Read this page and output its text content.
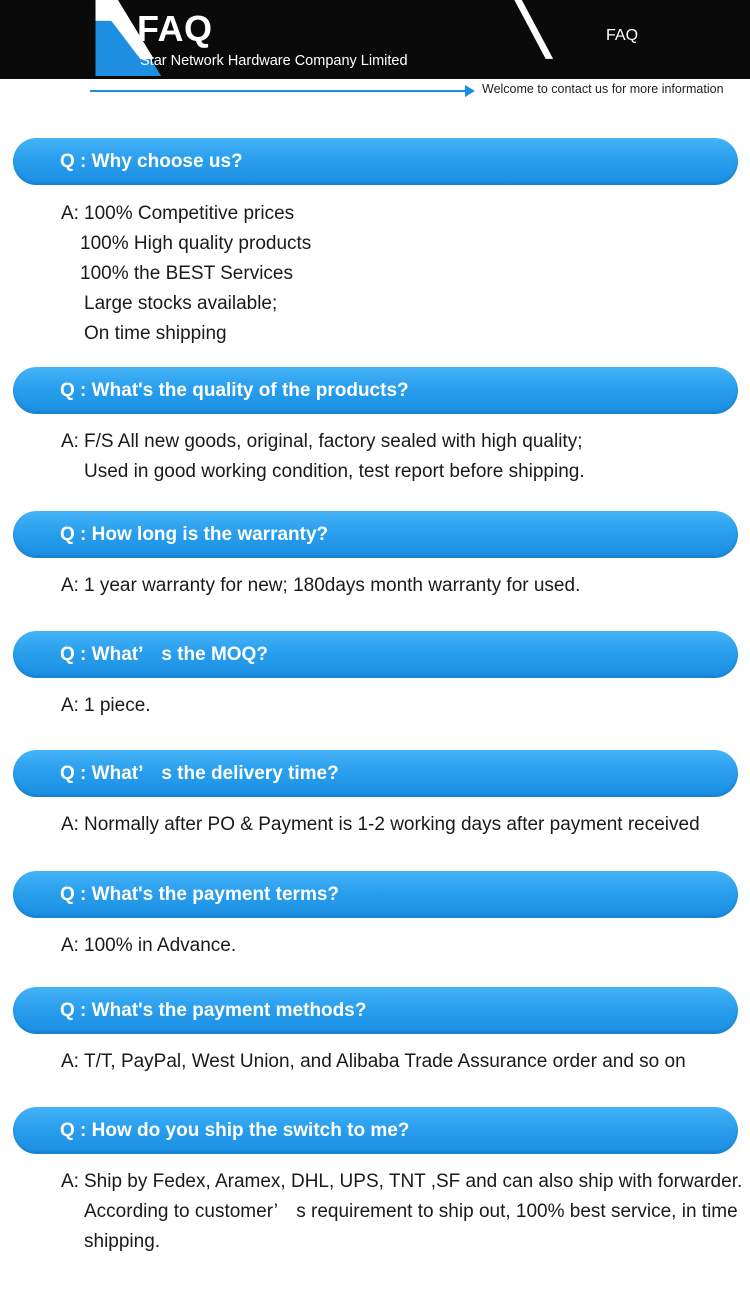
FAQ
Star Network Hardware Company Limited
FAQ
Welcome to contact us for more information
Q : Why choose us?
A: 100% Competitive prices
100% High quality products
100% the BEST Services
Large stocks available;
On time shipping
Q : What's the quality of the products?
A: F/S All new goods, original, factory sealed with high quality;
Used in good working condition, test report before shipping.
Q : How long is the warranty?
A: 1 year warranty for new; 180days month warranty for used.
Q : What’　s the MOQ?
A: 1 piece.
Q : What’　s the delivery time?
A: Normally after PO & Payment is 1-2 working days after payment received
Q : What's the payment terms?
A: 100% in Advance.
Q : What's the payment methods?
A: T/T, PayPal, West Union, and Alibaba Trade Assurance order and so on
Q : How do you ship the switch to me?
A: Ship by Fedex, Aramex, DHL, UPS, TNT ,SF and can also ship with forwarder.
According to customer’　s requirement to ship out, 100% best service, in time
shipping.
